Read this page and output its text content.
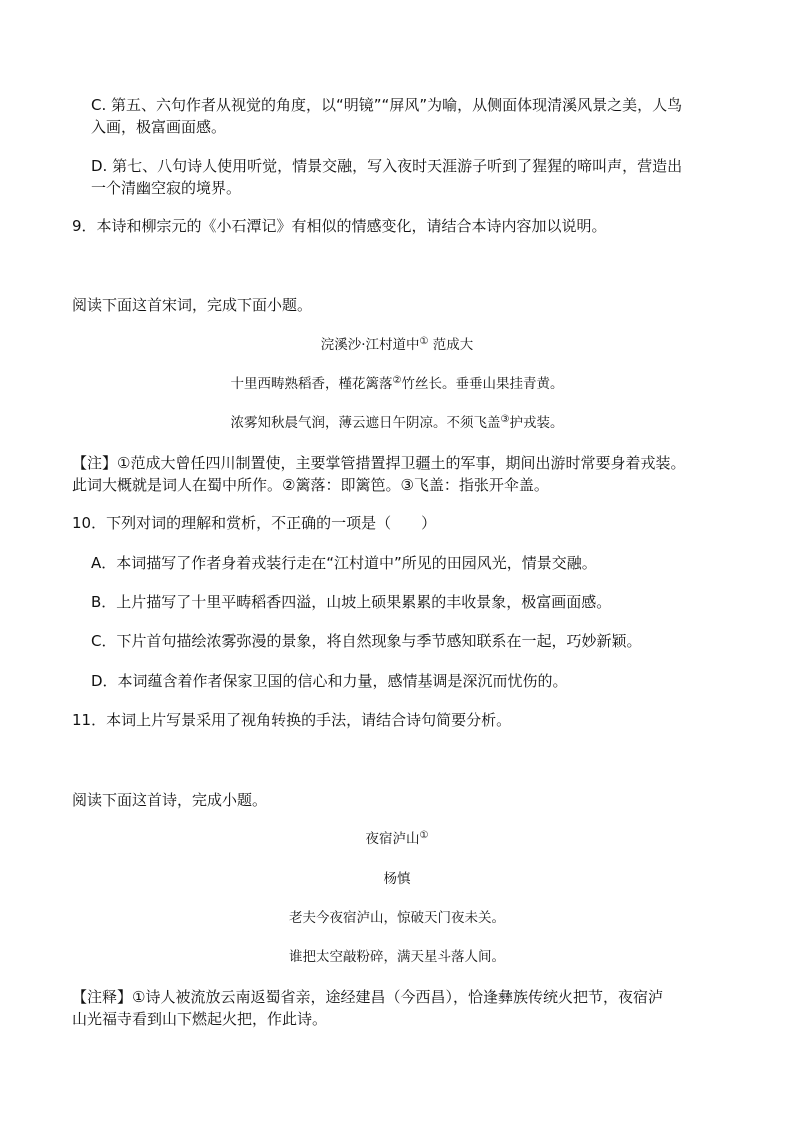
C. 第五、六句作者从视觉的角度，以“明镜”“屏风”为喻，从侧面体现清溪风景之美，人鸟
入画，极富画面感。
D. 第七、八句诗人使用听觉，情景交融，写入夜时天涯游子听到了猩猩的啼叫声，营造出
一个清幽空寂的境界。
9．本诗和柳宗元的《小石潭记》有相似的情感变化，请结合本诗内容加以说明。
阅读下面这首宋词，完成下面小题。
浣溪沙·江村道中① 范成大
十里西畴熟稻香，槿花篱落②竹丝长。垂垂山果挂青黄。
浓雾知秋晨气润，薄云遮日午阴凉。不须飞盖③护戎装。
【注】①范成大曾任四川制置使，主要掌管措置捍卫疆土的军事，期间出游时常要身着戎装。
此词大概就是词人在蜀中所作。②篱落：即篱笆。③飞盖：指张开伞盖。
10．下列对词的理解和赏析，不正确的一项是（　　）
A．本词描写了作者身着戎装行走在“江村道中”所见的田园风光，情景交融。
B．上片描写了十里平畴稻香四溢，山坡上硕果累累的丰收景象，极富画面感。
C．下片首句描绘浓雾弥漫的景象，将自然现象与季节感知联系在一起，巧妙新颖。
D．本词蕴含着作者保家卫国的信心和力量，感情基调是深沉而忧伤的。
11．本词上片写景采用了视角转换的手法，请结合诗句简要分析。
阅读下面这首诗，完成小题。
夜宿泸山①
杨慎
老夫今夜宿泸山，惊破天门夜未关。
谁把太空敲粉碎，满天星斗落人间。
【注释】①诗人被流放云南返蜀省亲，途经建昌（今西昌），恰逢彝族传统火把节，夜宿泸
山光福寺看到山下燃起火把，作此诗。
